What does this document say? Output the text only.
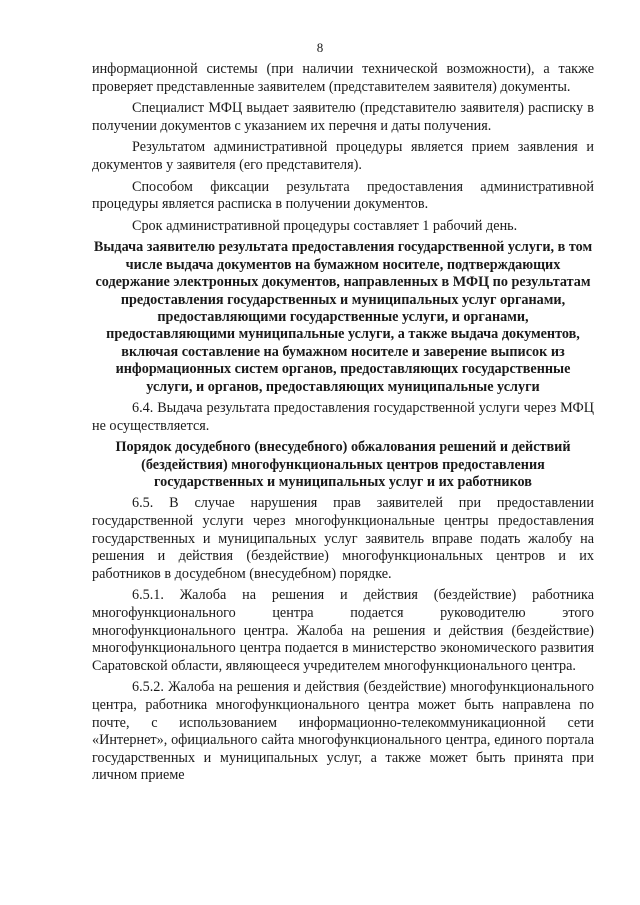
8

информационной системы (при наличии технической возможности), а также проверяет представленные заявителем (представителем заявителя) документы.

Специалист МФЦ выдает заявителю (представителю заявителя) расписку в получении документов с указанием их перечня и даты получения.

Результатом административной процедуры является прием заявления и документов у заявителя (его представителя).

Способом фиксации результата предоставления административной процедуры является расписка в получении документов.

Срок административной процедуры составляет 1 рабочий день.

Выдача заявителю результата предоставления государственной услуги, в том числе выдача документов на бумажном носителе, подтверждающих содержание электронных документов, направленных в МФЦ по результатам предоставления государственных и муниципальных услуг органами, предоставляющими государственные услуги, и органами, предоставляющими муниципальные услуги, а также выдача документов, включая составление на бумажном носителе и заверение выписок из информационных систем органов, предоставляющих государственные услуги, и органов, предоставляющих муниципальные услуги

6.4. Выдача результата предоставления государственной услуги через МФЦ не осуществляется.

Порядок досудебного (внесудебного) обжалования решений и действий (бездействия) многофункциональных центров предоставления государственных и муниципальных услуг и их работников

6.5. В случае нарушения прав заявителей при предоставлении государственной услуги через многофункциональные центры предоставления государственных и муниципальных услуг заявитель вправе подать жалобу на решения и действия (бездействие) многофункциональных центров и их работников в досудебном (внесудебном) порядке.

6.5.1. Жалоба на решения и действия (бездействие) работника многофункционального центра подается руководителю этого многофункционального центра. Жалоба на решения и действия (бездействие) многофункционального центра подается в министерство экономического развития Саратовской области, являющееся учредителем многофункционального центра.

6.5.2. Жалоба на решения и действия (бездействие) многофункционального центра, работника многофункционального центра может быть направлена по почте, с использованием информационно-телекоммуникационной сети «Интернет», официального сайта многофункционального центра, единого портала государственных и муниципальных услуг, а также может быть принята при личном приеме
